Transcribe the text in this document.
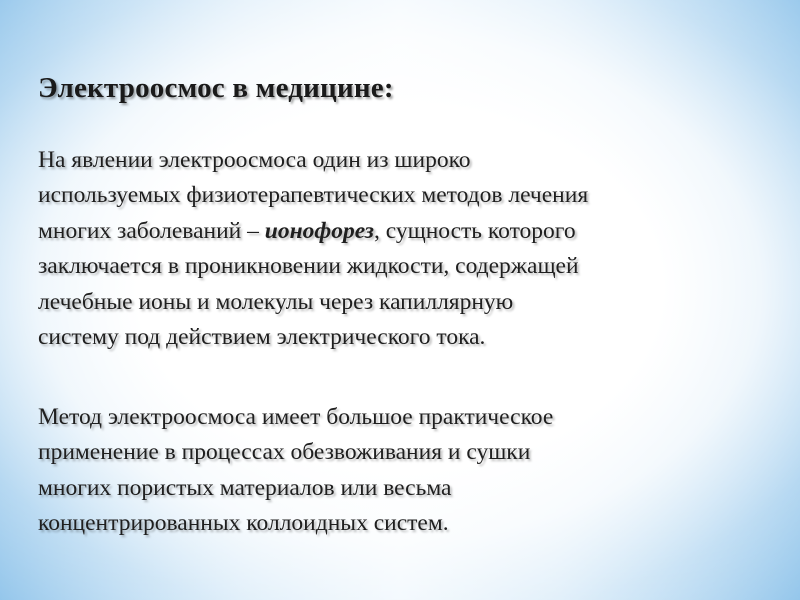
Электроосмос в медицине:

На явлении электроосмоса один из широко
используемых физиотерапевтических методов лечения
многих заболеваний – ионофорез, сущность которого
заключается в проникновении жидкости, содержащей
лечебные ионы и молекулы через капиллярную
систему под действием электрического тока.

Метод электроосмоса имеет большое практическое
применение в процессах обезвоживания и сушки
многих пористых материалов или весьма
концентрированных коллоидных систем.
